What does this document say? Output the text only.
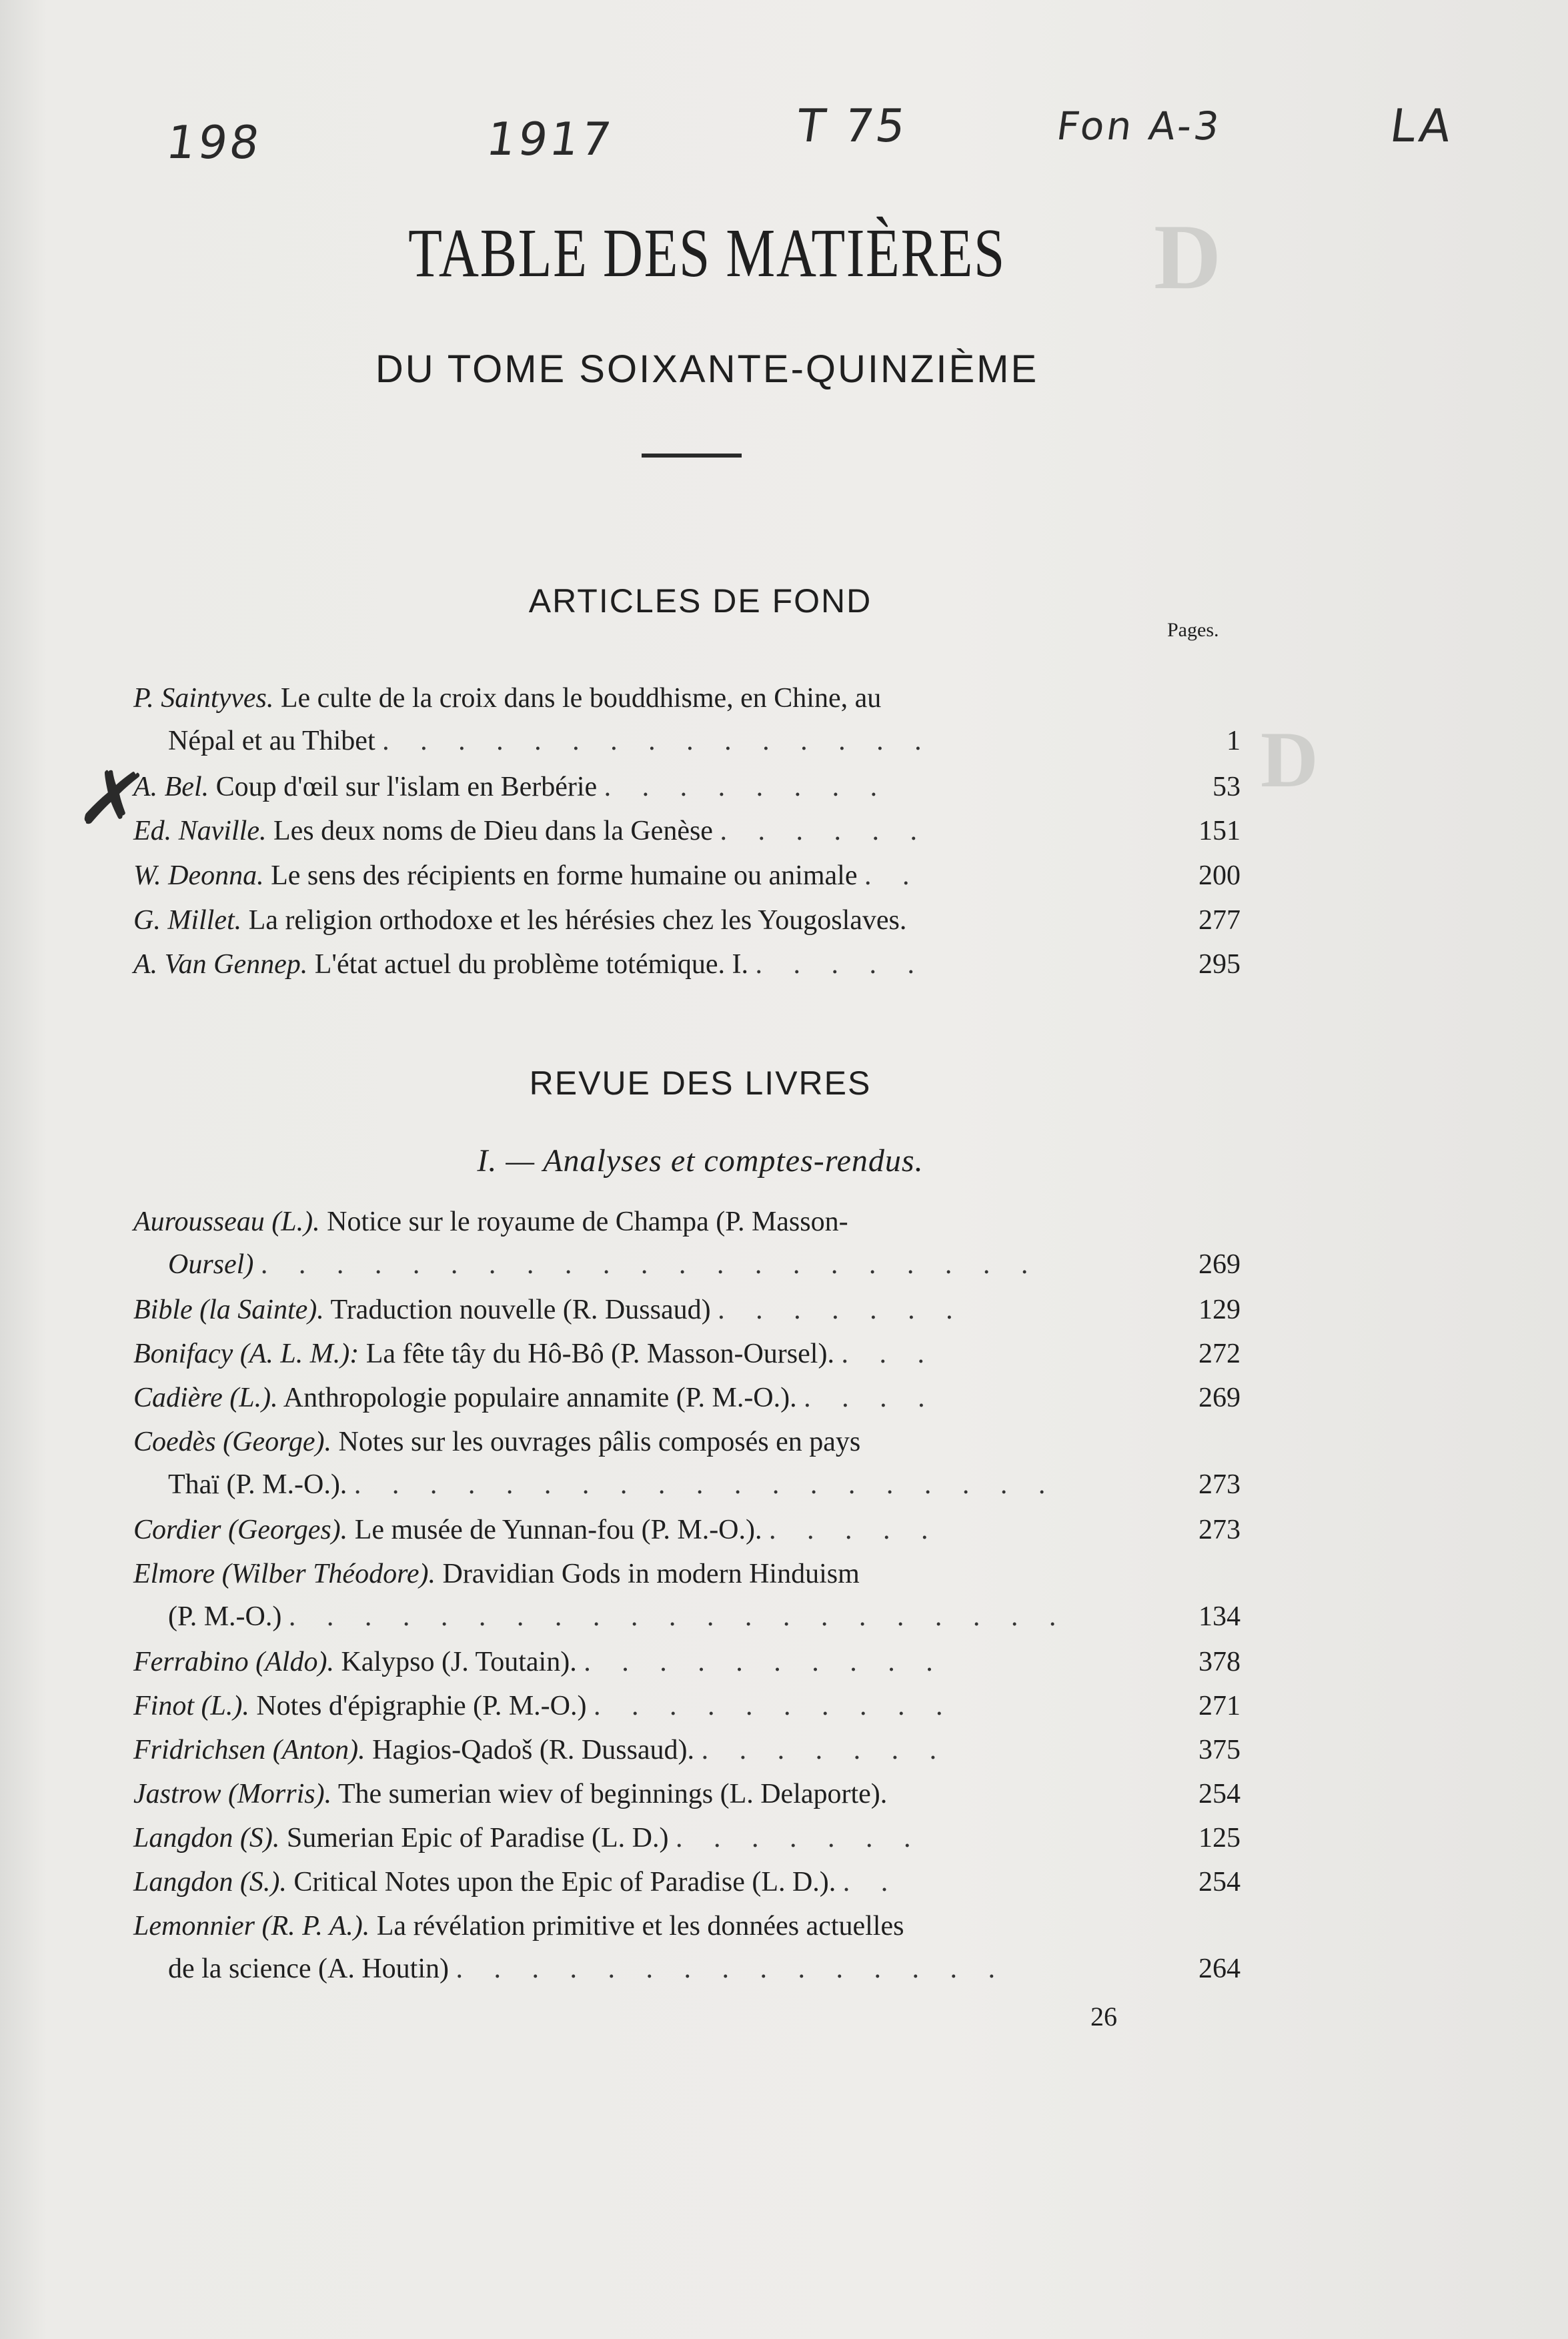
198	1917	T 75	Fon A-3	LA
D
D
TABLE DES MATIÈRES
DU TOME SOIXANTE-QUINZIÈME
ARTICLES DE FOND
Pages.
✗
P. Saintyves. Le culte de la croix dans le bouddhisme, en Chine, au
Népal et au Thibet . . . . . . . . . . . . . . .	1
A. Bel. Coup d'œil sur l'islam en Berbérie . . . . . . . .	53
Ed. Naville. Les deux noms de Dieu dans la Genèse . . . . . .	151
W. Deonna. Le sens des récipients en forme humaine ou animale . .	200
G. Millet. La religion orthodoxe et les hérésies chez les Yougoslaves.	277
A. Van Gennep. L'état actuel du problème totémique. I. . . . . .	295
REVUE DES LIVRES
I. — Analyses et comptes-rendus.
Aurousseau (L.). Notice sur le royaume de Champa (P. Masson-
Oursel) . . . . . . . . . . . . . . . . . . . . .	269
Bible (la Sainte). Traduction nouvelle (R. Dussaud) . . . . . . .	129
Bonifacy (A. L. M.): La fête tây du Hô-Bô (P. Masson-Oursel). . . .	272
Cadière (L.). Anthropologie populaire annamite (P. M.-O.). . . . .	269
Coedès (George). Notes sur les ouvrages pâlis composés en pays
Thaï (P. M.-O.). . . . . . . . . . . . . . . . . . . .	273
Cordier (Georges). Le musée de Yunnan-fou (P. M.-O.). . . . . .	273
Elmore (Wilber Théodore). Dravidian Gods in modern Hinduism
(P. M.-O.) . . . . . . . . . . . . . . . . . . . . .	134
Ferrabino (Aldo). Kalypso (J. Toutain). . . . . . . . . . .	378
Finot (L.). Notes d'épigraphie (P. M.-O.) . . . . . . . . . .	271
Fridrichsen (Anton). Hagios-Qadoš (R. Dussaud). . . . . . . .	375
Jastrow (Morris). The sumerian wiev of beginnings (L. Delaporte).	254
Langdon (S). Sumerian Epic of Paradise (L. D.) . . . . . . .	125
Langdon (S.). Critical Notes upon the Epic of Paradise (L. D.). . .	254
Lemonnier (R. P. A.). La révélation primitive et les données actuelles
de la science (A. Houtin) . . . . . . . . . . . . . . .	264
26
